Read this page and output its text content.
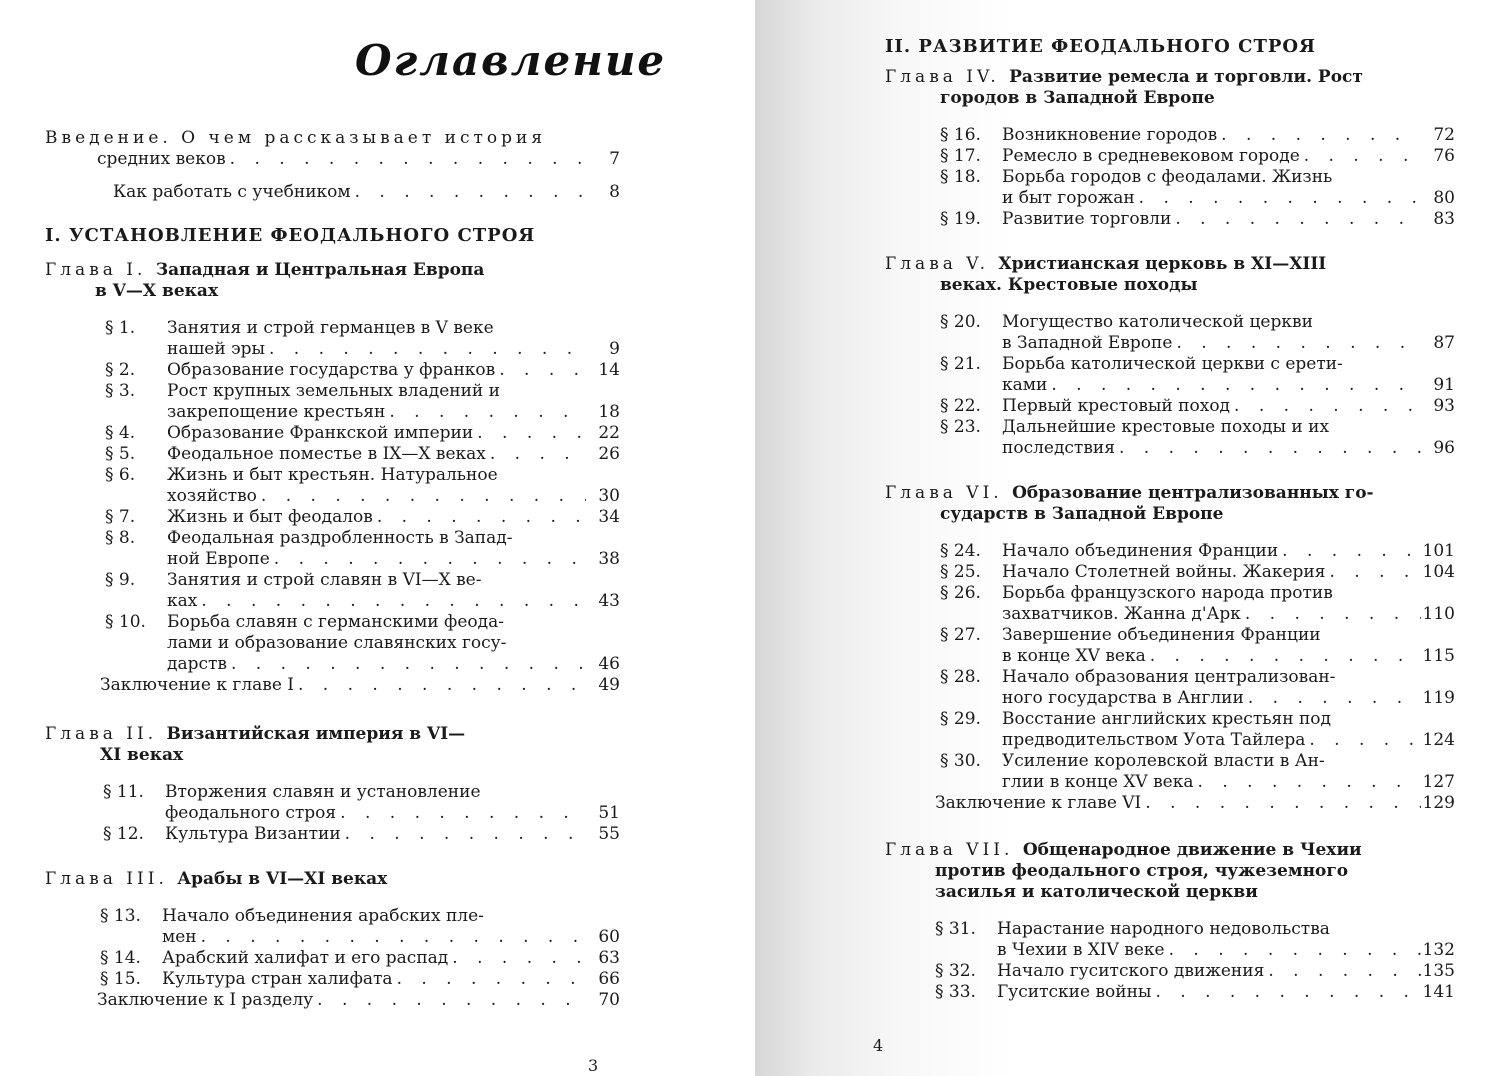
Оглавление
Введение. О чем рассказывает история
средних веков . . .	7
Как работать с учебником . . .	8
I. УСТАНОВЛЕНИЕ ФЕОДАЛЬНОГО СТРОЯ
Глава I. Западная и Центральная Европа
в V—X веках
§ 1.	Занятия и строй германцев в V веке
нашей эры . . .	9
§ 2.	Образование государства у франков . . .	14
§ 3.	Рост крупных земельных владений и
закрепощение крестьян . . .	18
§ 4.	Образование Франкской империи . . .	22
§ 5.	Феодальное поместье в IX—X веках . . .	26
§ 6.	Жизнь и быт крестьян. Натуральное
хозяйство . . .	30
§ 7.	Жизнь и быт феодалов . . .	34
§ 8.	Феодальная раздробленность в Запад-
ной Европе . . .	38
§ 9.	Занятия и строй славян в VI—X ве-
ках . . .	43
§ 10.	Борьба славян с германскими феода-
лами и образование славянских госу-
дарств . . .	46
Заключение к главе I . . .	49
Глава II. Византийская империя в VI—
XI веках
§ 11.	Вторжения славян и установление
феодального строя . . .	51
§ 12.	Культура Византии . . .	55
Глава III. Арабы в VI—XI веках
§ 13.	Начало объединения арабских пле-
мен . . .	60
§ 14.	Арабский халифат и его распад . . .	63
§ 15.	Культура стран халифата . . .	66
Заключение к I разделу . . .	70
3
II. РАЗВИТИЕ ФЕОДАЛЬНОГО СТРОЯ
Глава IV. Развитие ремесла и торговли. Рост
городов в Западной Европе
§ 16.	Возникновение городов . . .	72
§ 17.	Ремесло в средневековом городе . . .	76
§ 18.	Борьба городов с феодалами. Жизнь
и быт горожан . . .	80
§ 19.	Развитие торговли . . .	83
Глава V. Христианская церковь в XI—XIII
веках. Крестовые походы
§ 20.	Могущество католической церкви
в Западной Европе . . .	87
§ 21.	Борьба католической церкви с ерети-
ками . . .	91
§ 22.	Первый крестовый поход . . .	93
§ 23.	Дальнейшие крестовые походы и их
последствия . . .	96
Глава VI. Образование централизованных го-
сударств в Западной Европе
§ 24.	Начало объединения Франции . . .	101
§ 25.	Начало Столетней войны. Жакерия . . .	104
§ 26.	Борьба французского народа против
захватчиков. Жанна д'Арк . . .	110
§ 27.	Завершение объединения Франции
в конце XV века . . .	115
§ 28.	Начало образования централизован-
ного государства в Англии . . .	119
§ 29.	Восстание английских крестьян под
предводительством Уота Тайлера . . .	124
§ 30.	Усиление королевской власти в Ан-
глии в конце XV века . . .	127
Заключение к главе VI . . .	129
Глава VII. Общенародное движение в Чехии
против феодального строя, чужеземного
засилья и католической церкви
§ 31.	Нарастание народного недовольства
в Чехии в XIV веке . . .	132
§ 32.	Начало гуситского движения . . .	135
§ 33.	Гуситские войны . . .	141
4
